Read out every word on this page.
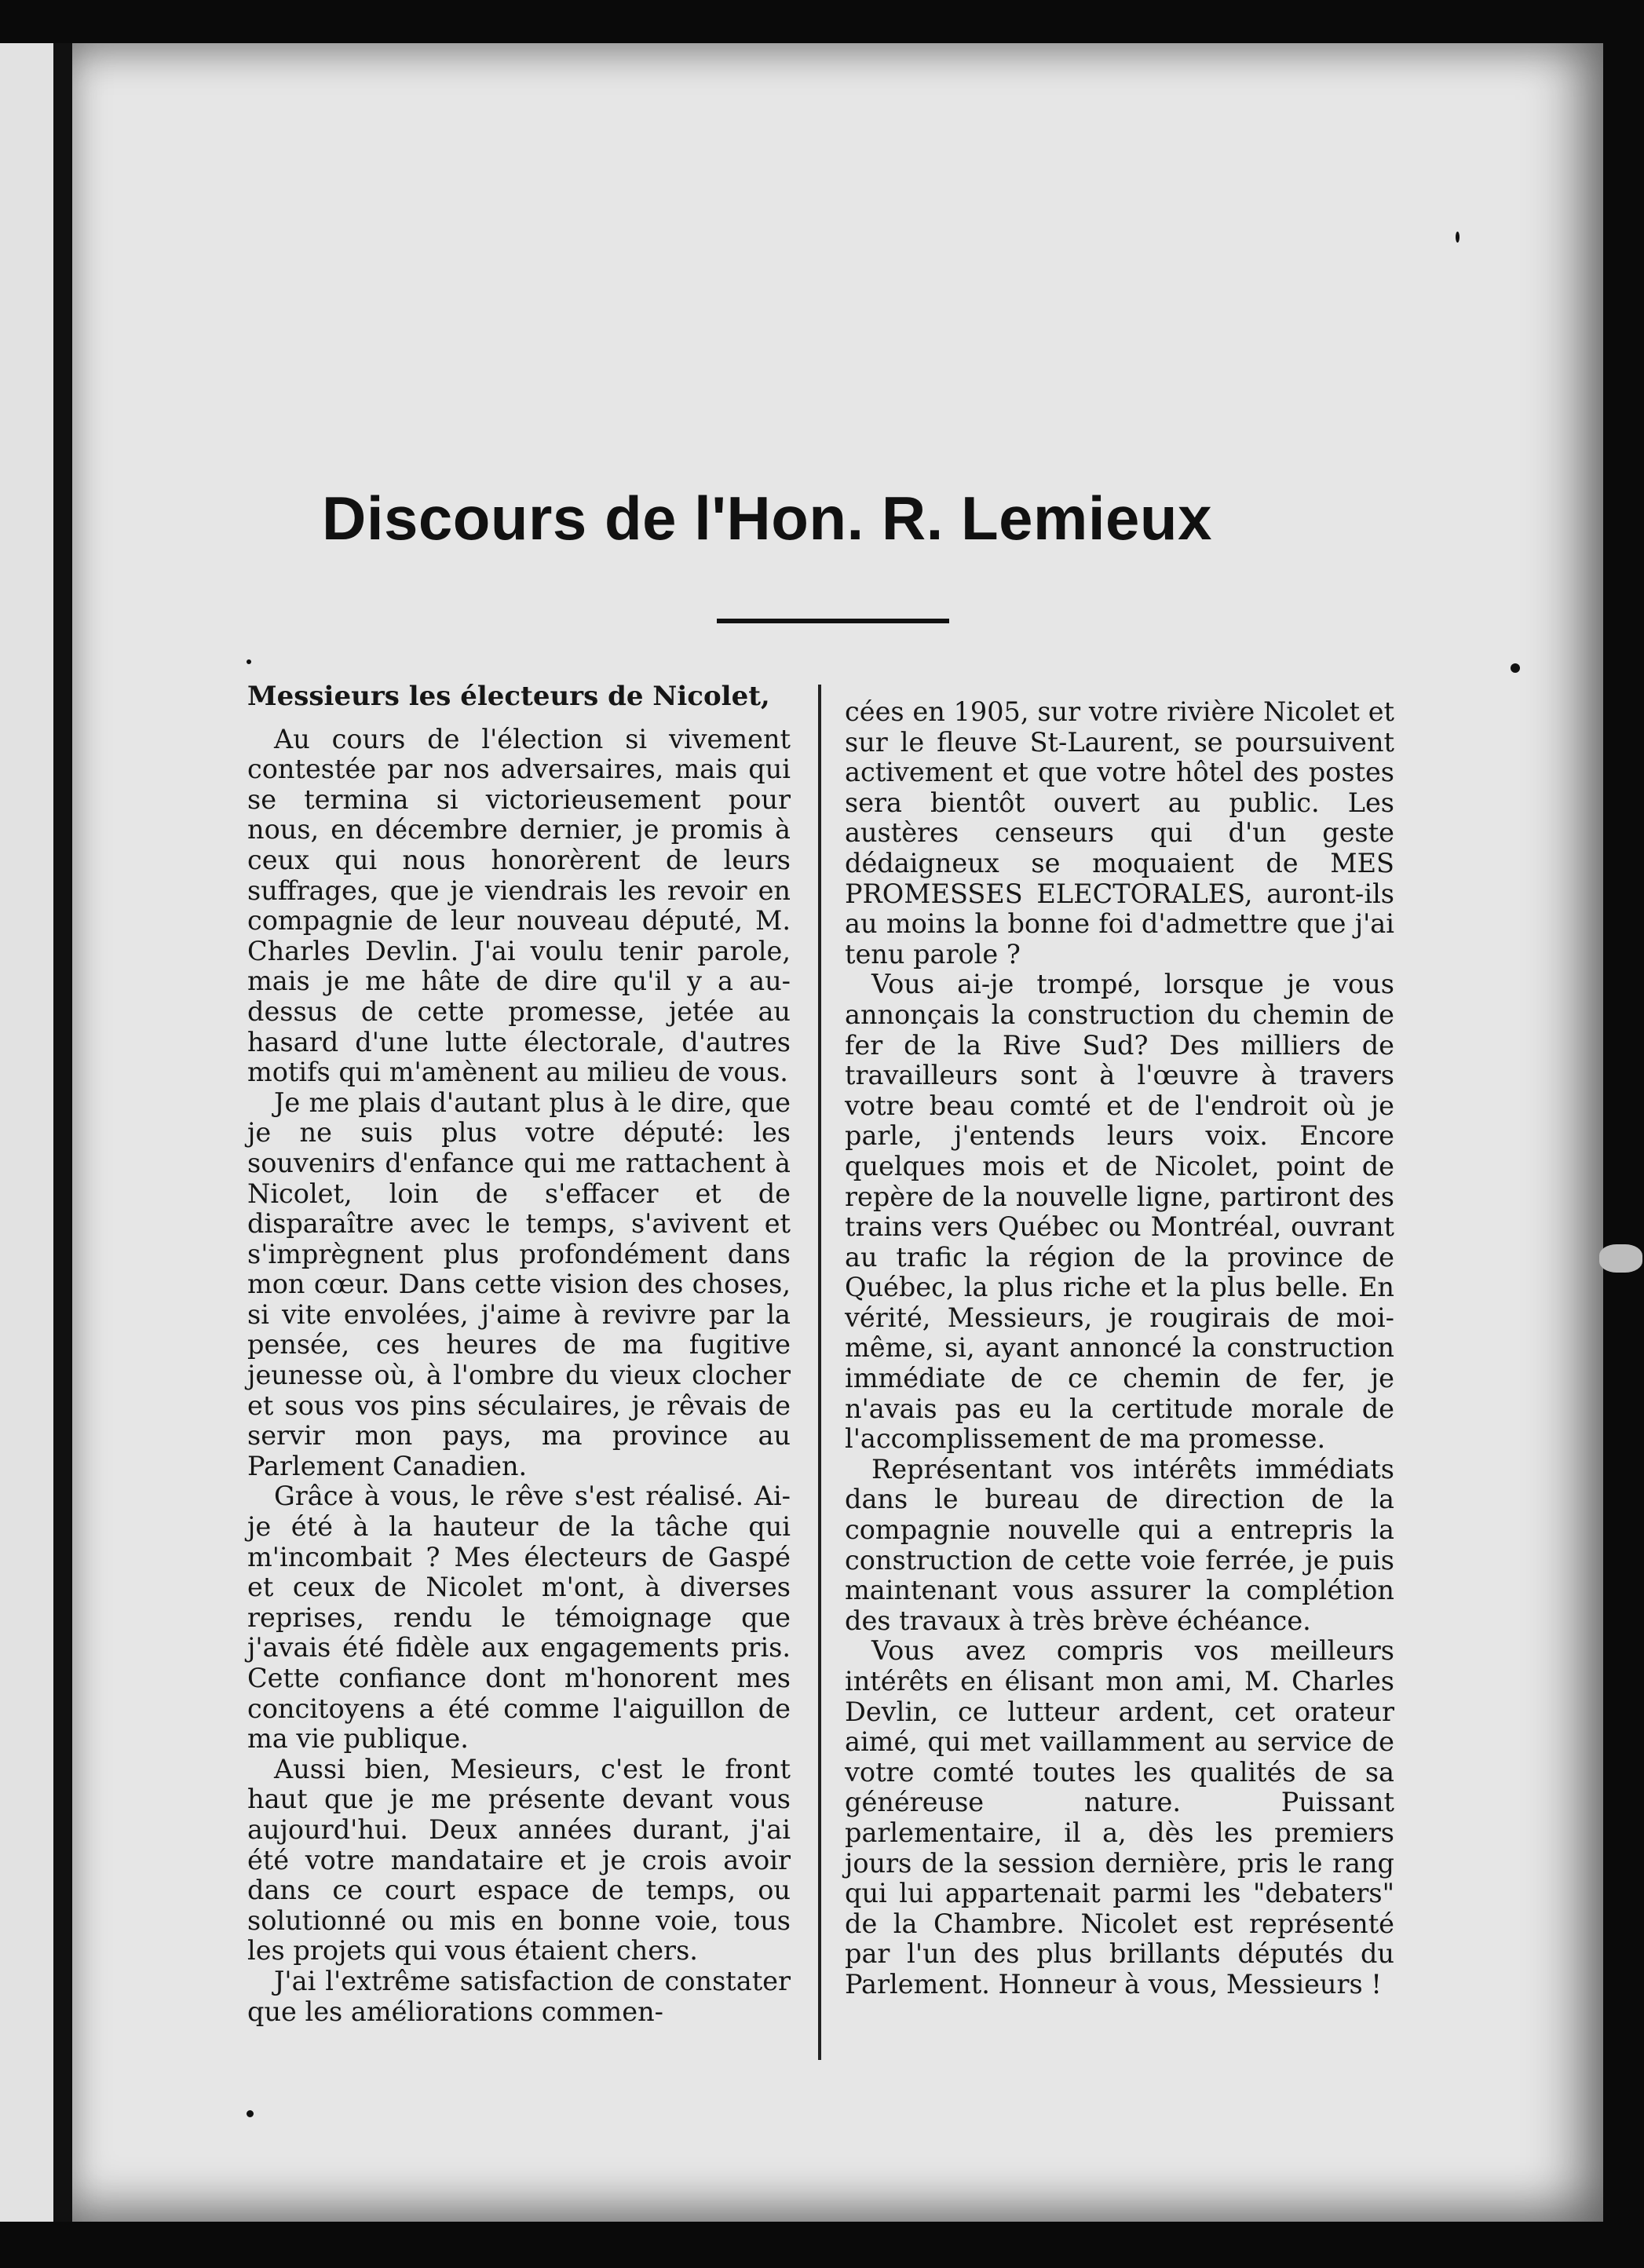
Discours de l'Hon. R. Lemieux

Messieurs les électeurs de Nicolet,

Au cours de l'élection si vivement contestée par nos adversaires, mais qui se termina si victorieusement pour nous, en décembre dernier, je promis à ceux qui nous honorèrent de leurs suffrages, que je viendrais les revoir en compagnie de leur nouveau député, M. Charles Devlin. J'ai voulu tenir parole, mais je me hâte de dire qu'il y a au-dessus de cette promesse, jetée au hasard d'une lutte électorale, d'autres motifs qui m'amènent au milieu de vous.

Je me plais d'autant plus à le dire, que je ne suis plus votre député: les souvenirs d'enfance qui me rattachent à Nicolet, loin de s'effacer et de disparaître avec le temps, s'avivent et s'imprègnent plus profondément dans mon cœur. Dans cette vision des choses, si vite envolées, j'aime à revivre par la pensée, ces heures de ma fugitive jeunesse où, à l'ombre du vieux clocher et sous vos pins séculaires, je rêvais de servir mon pays, ma province au Parlement Canadien.

Grâce à vous, le rêve s'est réalisé. Ai-je été à la hauteur de la tâche qui m'incombait ? Mes électeurs de Gaspé et ceux de Nicolet m'ont, à diverses reprises, rendu le témoignage que j'avais été fidèle aux engagements pris. Cette confiance dont m'honorent mes concitoyens a été comme l'aiguillon de ma vie publique.

Aussi bien, Mesieurs, c'est le front haut que je me présente devant vous aujourd'hui. Deux années durant, j'ai été votre mandataire et je crois avoir dans ce court espace de temps, ou solutionné ou mis en bonne voie, tous les projets qui vous étaient chers.

J'ai l'extrême satisfaction de constater que les améliorations commen-

cées en 1905, sur votre rivière Nicolet et sur le fleuve St-Laurent, se poursuivent activement et que votre hôtel des postes sera bientôt ouvert au public. Les austères censeurs qui d'un geste dédaigneux se moquaient de MES PROMESSES ELECTORALES, auront-ils au moins la bonne foi d'admettre que j'ai tenu parole ?

Vous ai-je trompé, lorsque je vous annonçais la construction du chemin de fer de la Rive Sud? Des milliers de travailleurs sont à l'œuvre à travers votre beau comté et de l'endroit où je parle, j'entends leurs voix. Encore quelques mois et de Nicolet, point de repère de la nouvelle ligne, partiront des trains vers Québec ou Montréal, ouvrant au trafic la région de la province de Québec, la plus riche et la plus belle. En vérité, Messieurs, je rougirais de moi-même, si, ayant annoncé la construction immédiate de ce chemin de fer, je n'avais pas eu la certitude morale de l'accomplissement de ma promesse.

Représentant vos intérêts immédiats dans le bureau de direction de la compagnie nouvelle qui a entrepris la construction de cette voie ferrée, je puis maintenant vous assurer la complétion des travaux à très brève échéance.

Vous avez compris vos meilleurs intérêts en élisant mon ami, M. Charles Devlin, ce lutteur ardent, cet orateur aimé, qui met vaillamment au service de votre comté toutes les qualités de sa généreuse nature. Puissant parlementaire, il a, dès les premiers jours de la session dernière, pris le rang qui lui appartenait parmi les "debaters" de la Chambre. Nicolet est représenté par l'un des plus brillants députés du Parlement. Honneur à vous, Messieurs !
